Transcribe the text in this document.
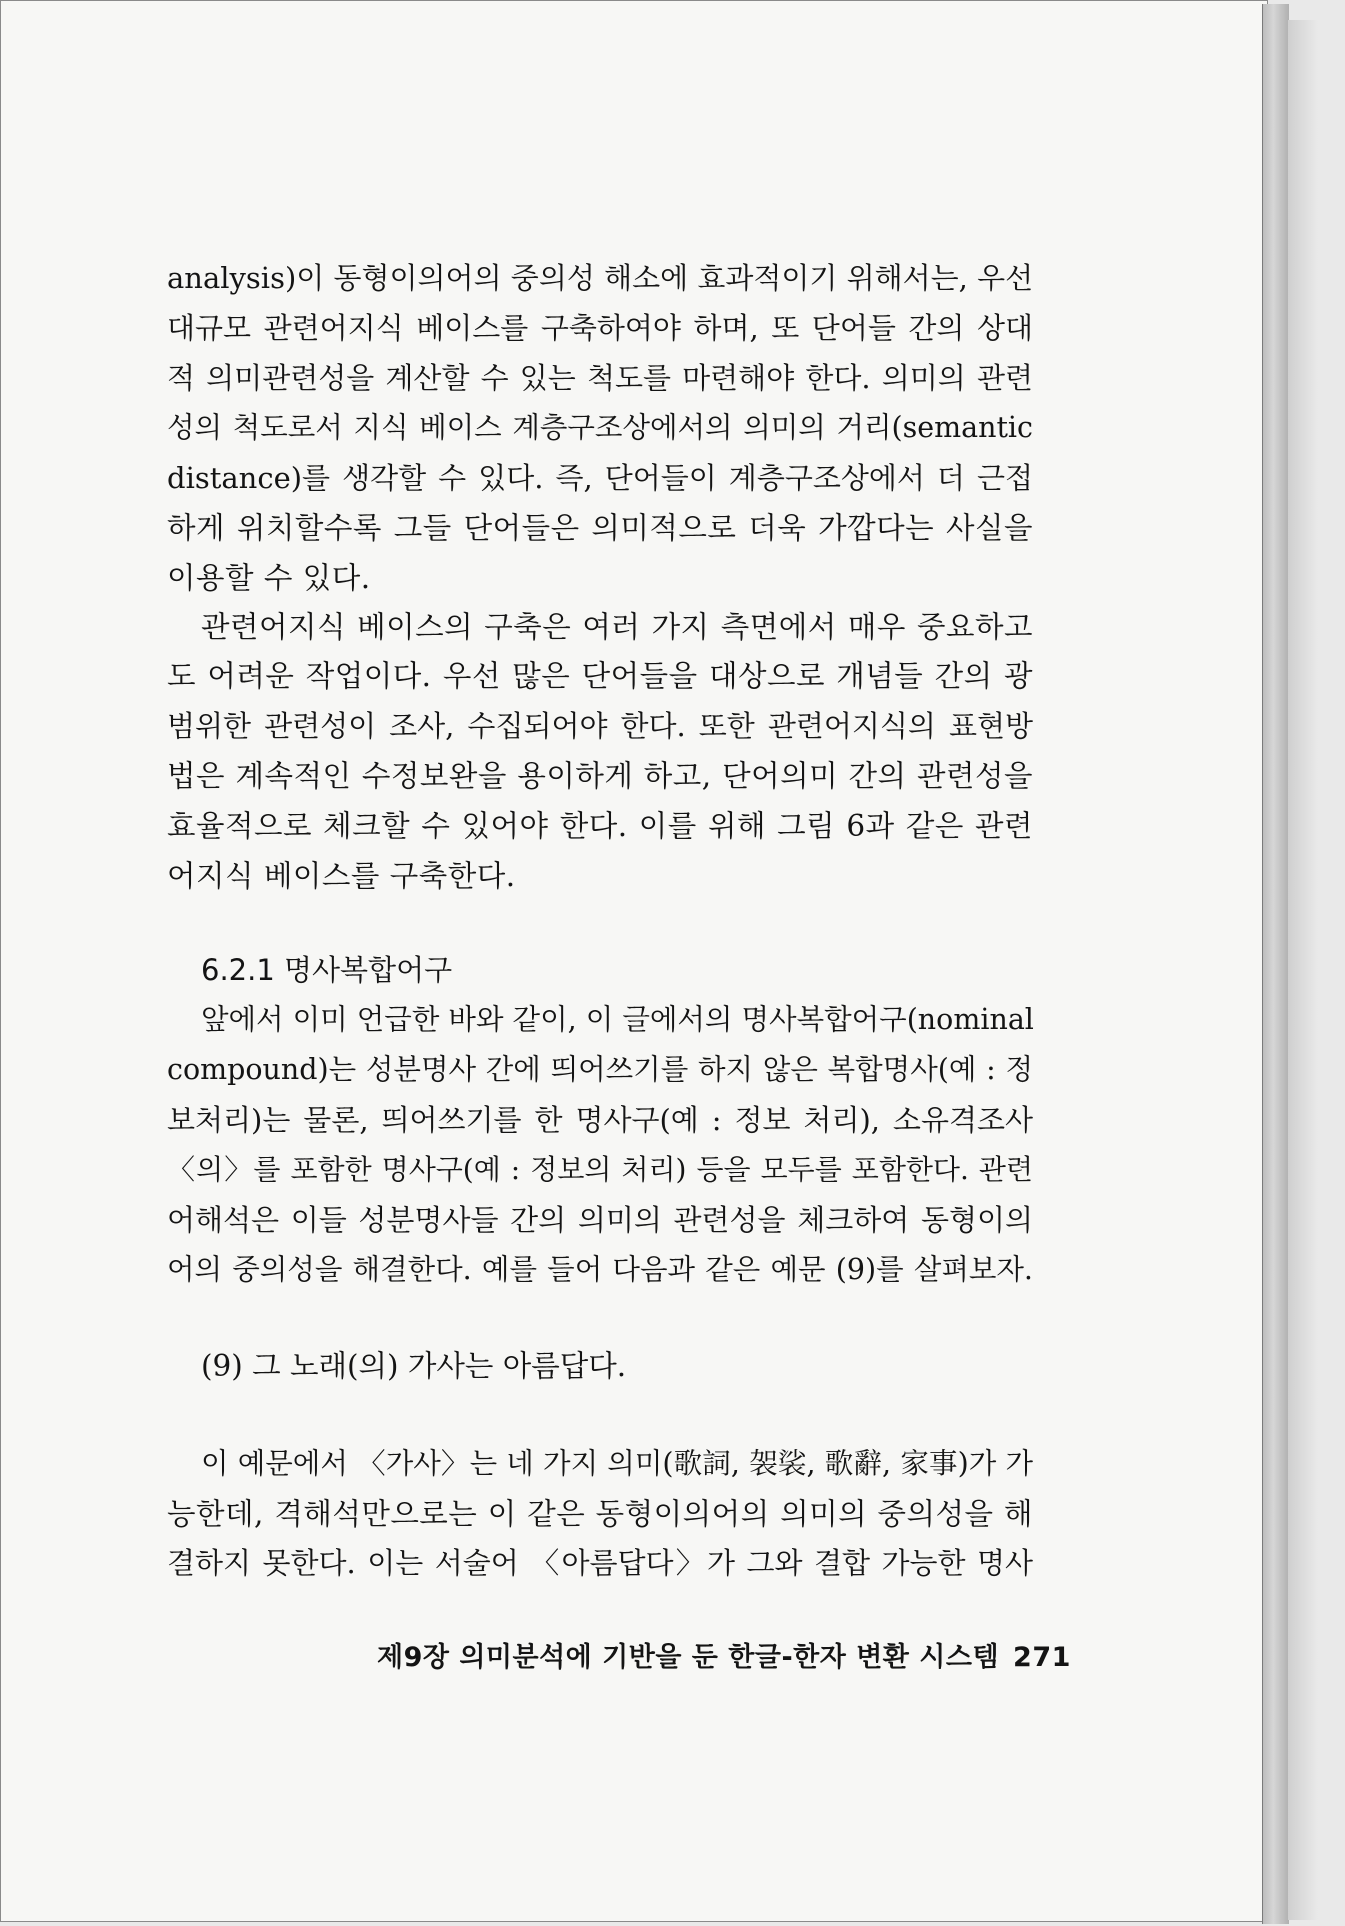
analysis)이 동형이의어의 중의성 해소에 효과적이기 위해서는, 우선
대규모 관련어지식 베이스를 구축하여야 하며, 또 단어들 간의 상대
적 의미관련성을 계산할 수 있는 척도를 마련해야 한다. 의미의 관련
성의 척도로서 지식 베이스 계층구조상에서의 의미의 거리(semantic
distance)를 생각할 수 있다. 즉, 단어들이 계층구조상에서 더 근접
하게 위치할수록 그들 단어들은 의미적으로 더욱 가깝다는 사실을
이용할 수 있다.
관련어지식 베이스의 구축은 여러 가지 측면에서 매우 중요하고
도 어려운 작업이다. 우선 많은 단어들을 대상으로 개념들 간의 광
범위한 관련성이 조사, 수집되어야 한다. 또한 관련어지식의 표현방
법은 계속적인 수정보완을 용이하게 하고, 단어의미 간의 관련성을
효율적으로 체크할 수 있어야 한다. 이를 위해 그림 6과 같은 관련
어지식 베이스를 구축한다.
6.2.1 명사복합어구
앞에서 이미 언급한 바와 같이, 이 글에서의 명사복합어구(nominal
compound)는 성분명사 간에 띄어쓰기를 하지 않은 복합명사(예 : 정
보처리)는 물론, 띄어쓰기를 한 명사구(예 : 정보 처리), 소유격조사
〈의〉를 포함한 명사구(예 : 정보의 처리) 등을 모두를 포함한다. 관련
어해석은 이들 성분명사들 간의 의미의 관련성을 체크하여 동형이의
어의 중의성을 해결한다. 예를 들어 다음과 같은 예문 (9)를 살펴보자.
(9) 그 노래(의) 가사는 아름답다.
이 예문에서 〈가사〉는 네 가지 의미(歌詞, 袈裟, 歌辭, 家事)가 가
능한데, 격해석만으로는 이 같은 동형이의어의 의미의 중의성을 해
결하지 못한다. 이는 서술어 〈아름답다〉가 그와 결합 가능한 명사
제9장 의미분석에 기반을 둔 한글-한자 변환 시스템 271
